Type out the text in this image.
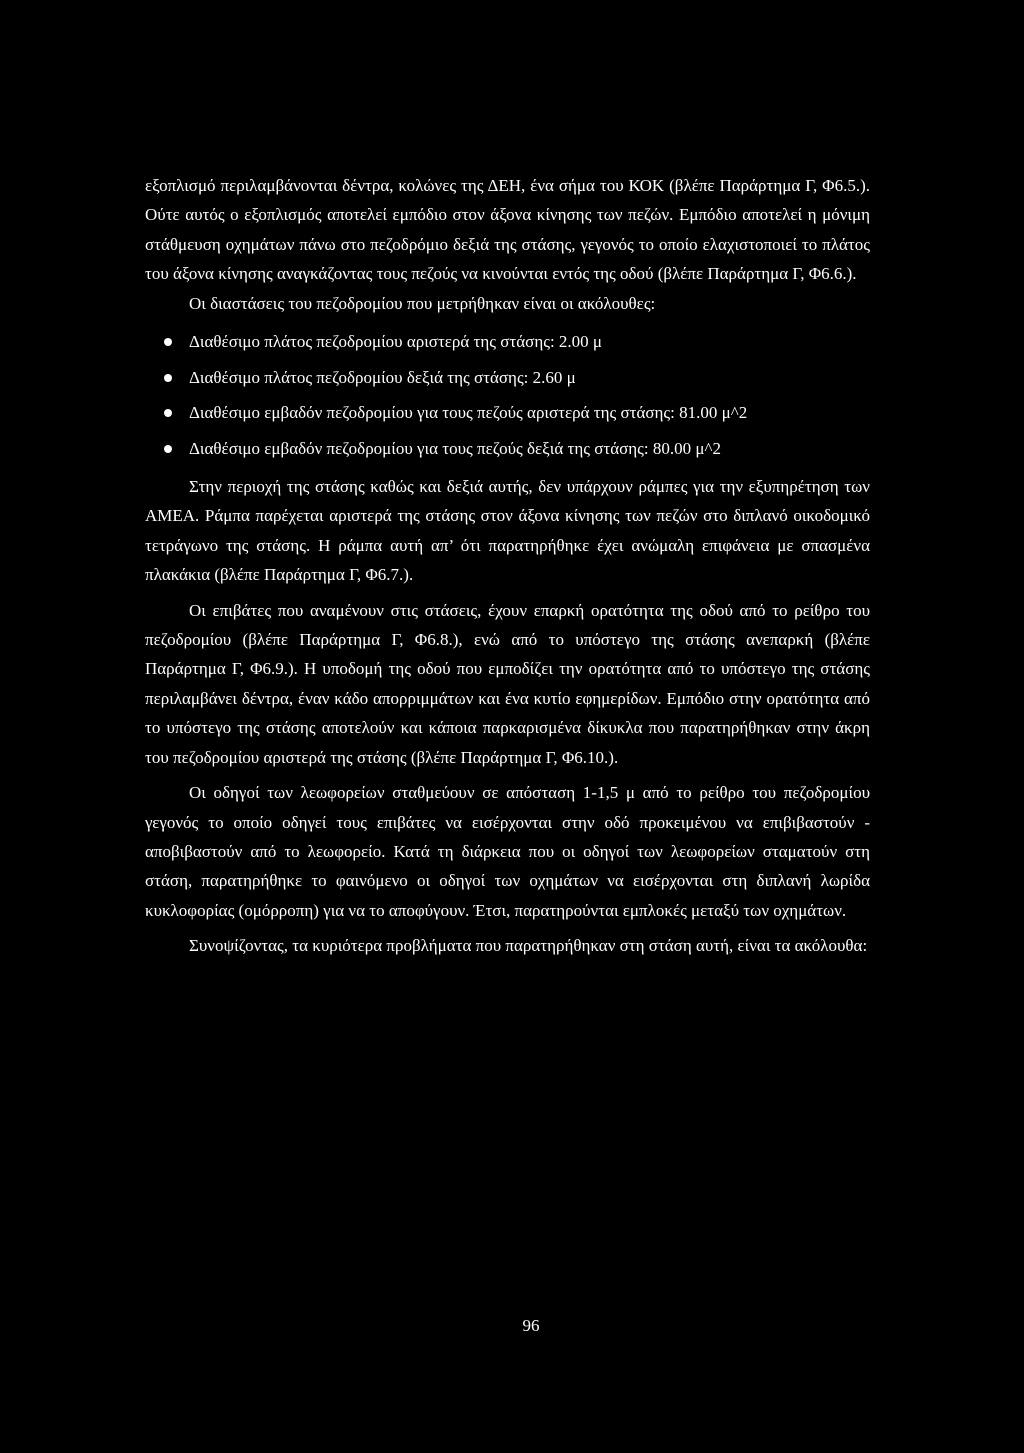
εξοπλισμό περιλαμβάνονται δέντρα, κολώνες της ΔΕΗ, ένα σήμα του ΚΟΚ (βλέπε Παράρτημα Γ, Φ6.5.). Ούτε αυτός ο εξοπλισμός αποτελεί εμπόδιο στον άξονα κίνησης των πεζών. Εμπόδιο αποτελεί η μόνιμη στάθμευση οχημάτων πάνω στο πεζοδρόμιο δεξιά της στάσης, γεγονός το οποίο ελαχιστοποιεί το πλάτος του άξονα κίνησης αναγκάζοντας τους πεζούς να κινούνται εντός της οδού (βλέπε Παράρτημα Γ, Φ6.6.).

Οι διαστάσεις του πεζοδρομίου που μετρήθηκαν είναι οι ακόλουθες:

Διαθέσιμο πλάτος πεζοδρομίου αριστερά της στάσης: 2.00 μ
Διαθέσιμο πλάτος πεζοδρομίου δεξιά της στάσης: 2.60 μ
Διαθέσιμο εμβαδόν πεζοδρομίου για τους πεζούς αριστερά της στάσης: 81.00 μ^2
Διαθέσιμο εμβαδόν πεζοδρομίου για τους πεζούς δεξιά της στάσης: 80.00 μ^2

Στην περιοχή της στάσης καθώς και δεξιά αυτής, δεν υπάρχουν ράμπες για την εξυπηρέτηση των ΑΜΕΑ. Ράμπα παρέχεται αριστερά της στάσης στον άξονα κίνησης των πεζών στο διπλανό οικοδομικό τετράγωνο της στάσης. Η ράμπα αυτή απ’ ότι παρατηρήθηκε έχει ανώμαλη επιφάνεια με σπασμένα πλακάκια (βλέπε Παράρτημα Γ, Φ6.7.).

Οι επιβάτες που αναμένουν στις στάσεις, έχουν επαρκή ορατότητα της οδού από το ρείθρο του πεζοδρομίου (βλέπε Παράρτημα Γ, Φ6.8.), ενώ από το υπόστεγο της στάσης ανεπαρκή (βλέπε Παράρτημα Γ, Φ6.9.). Η υποδομή της οδού που εμποδίζει την ορατότητα από το υπόστεγο της στάσης περιλαμβάνει δέντρα, έναν κάδο απορριμμάτων και ένα κυτίο εφημερίδων. Εμπόδιο στην ορατότητα από το υπόστεγο της στάσης αποτελούν και κάποια παρκαρισμένα δίκυκλα που παρατηρήθηκαν στην άκρη του πεζοδρομίου αριστερά της στάσης (βλέπε Παράρτημα Γ, Φ6.10.).

Οι οδηγοί των λεωφορείων σταθμεύουν σε απόσταση 1-1,5 μ από το ρείθρο του πεζοδρομίου γεγονός το οποίο οδηγεί τους επιβάτες να εισέρχονται στην οδό προκειμένου να επιβιβαστούν - αποβιβαστούν από το λεωφορείο. Κατά τη διάρκεια που οι οδηγοί των λεωφορείων σταματούν στη στάση, παρατηρήθηκε το φαινόμενο οι οδηγοί των οχημάτων να εισέρχονται στη διπλανή λωρίδα κυκλοφορίας (ομόρροπη) για να το αποφύγουν. Έτσι, παρατηρούνται εμπλοκές μεταξύ των οχημάτων.

Συνοψίζοντας, τα κυριότερα προβλήματα που παρατηρήθηκαν στη στάση αυτή, είναι τα ακόλουθα:

96
